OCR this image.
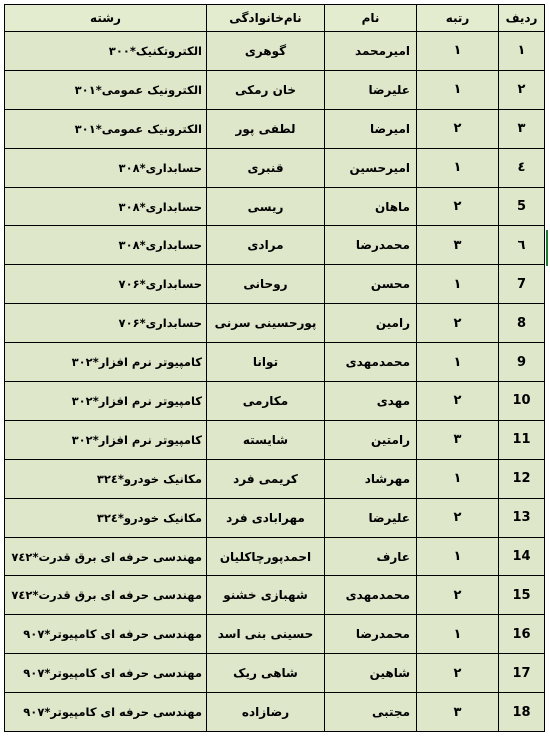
ردیف	رتبه	نام	نام‌خانوادگی	رشته
۱	۱	امیرمحمد	گوهری	الکتروتکنیک*۳۰۰
۲	۱	علیرضا	خان رمکی	الکترونیک عمومی*۳۰۱
۳	۲	امیرضا	لطفی پور	الکترونیک عمومی*۳۰۱
٤	۱	امیرحسین	قنبری	حسابداری*۳۰۸
5	۲	ماهان	ریسی	حسابداری*۳۰۸
٦	۳	محمدرضا	مرادی	حسابداری*۳۰۸
7	۱	محسن	روحانی	حسابداری*۷۰۶
8	۲	رامین	پورحسینی سرنی	حسابداری*۷۰۶
9	۱	محمدمهدی	توانا	کامپیوتر نرم افزار*۳۰۲
10	۲	مهدی	مکارمی	کامپیوتر نرم افزار*۳۰۲
11	۳	رامتین	شایسته	کامپیوتر نرم افزار*۳۰۲
12	۱	مهرشاد	کریمی فرد	مکانیک خودرو*۳۲٤
13	۲	علیرضا	مهرابادی فرد	مکانیک خودرو*۳۲٤
14	۱	عارف	احمدپورچاکلیان	مهندسی حرفه ای برق قدرت*۷٤۲
15	۲	محمدمهدی	شهبازی خشنو	مهندسی حرفه ای برق قدرت*۷٤۲
16	۱	محمدرضا	حسینی بنی اسد	مهندسی حرفه ای کامپیوتر*۹۰۷
17	۲	شاهین	شاهی ریک	مهندسی حرفه ای کامپیوتر*۹۰۷
18	۳	مجتبی	رضازاده	مهندسی حرفه ای کامپیوتر*۹۰۷
